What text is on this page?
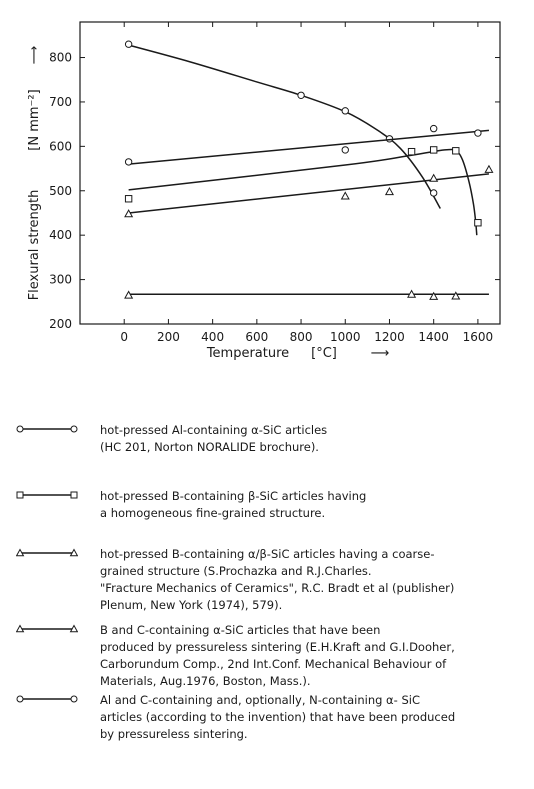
0 200 400 600 800 1000 1200 1400 1600
200
300
400
500
600
700
800
Flexural strength
[N mm⁻²]
⟶
Temperature [°C]	⟶
hot-pressed Al-containing α-SiC articles
(HC 201, Norton NORALIDE brochure).
hot-pressed B-containing β-SiC articles having
a homogeneous fine-grained structure.
hot-pressed B-containing α/β-SiC articles having a coarse-
grained structure (S.Prochazka and R.J.Charles.
"Fracture Mechanics of Ceramics", R.C. Bradt et al (publisher)
Plenum, New York (1974), 579).
B and C-containing α-SiC articles that have been
produced by pressureless sintering (E.H.Kraft and G.I.Dooher,
Carborundum Comp., 2nd Int.Conf. Mechanical Behaviour of
Materials, Aug.1976, Boston, Mass.).
Al and C-containing and, optionally, N-containing α- SiC
articles (according to the invention) that have been produced
by pressureless sintering.
